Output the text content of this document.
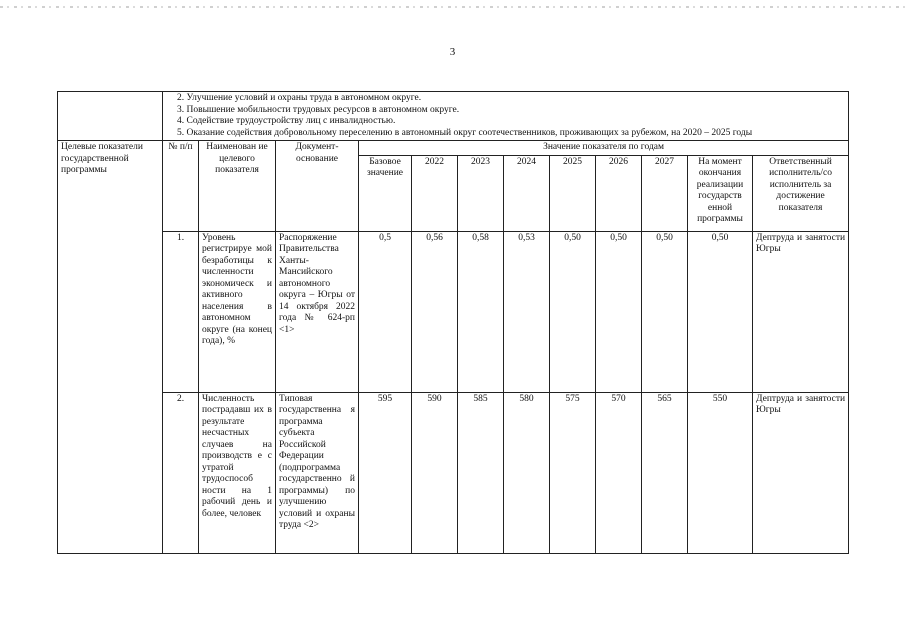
3

	2. Улучшение условий и охраны труда в автономном округе.
3. Повышение мобильности трудовых ресурсов в автономном округе.
4. Содействие трудоустройству лиц с инвалидностью.
5. Оказание содействия добровольному переселению в автономный округ соотечественников, проживающих за рубежом, на 2020 – 2025 годы											

Целевые показатели государственной программы	№ п/п	Наименован ие целевого показателя	Документ-основание	Значение показателя по годам								
				Базовое значение	2022	2023	2024	2025	2026	2027	На момент окончания реализации государств енной программы	Ответственный исполнитель/со исполнитель за достижение показателя
	1.	Уровень регистрируе мой безработицы к численности экономическ и активного населения в автономном округе (на конец года), %	Распоряжение Правительства Ханты-Мансийского автономного округа – Югры от 14 октября 2022 года № 624-рп <1>	0,5	0,56	0,58	0,53	0,50	0,50	0,50	0,50	Дептруда и занятости Югры
	2.	Численность пострадавш их в результате несчастных случаев на производств е с утратой трудоспособ ности на 1 рабочий день и более, человек	Типовая государственна я программа субъекта Российской Федерации (подпрограмма государственно й программы) по улучшению условий и охраны труда <2>	595	590	585	580	575	570	565	550	Дептруда и занятости Югры
